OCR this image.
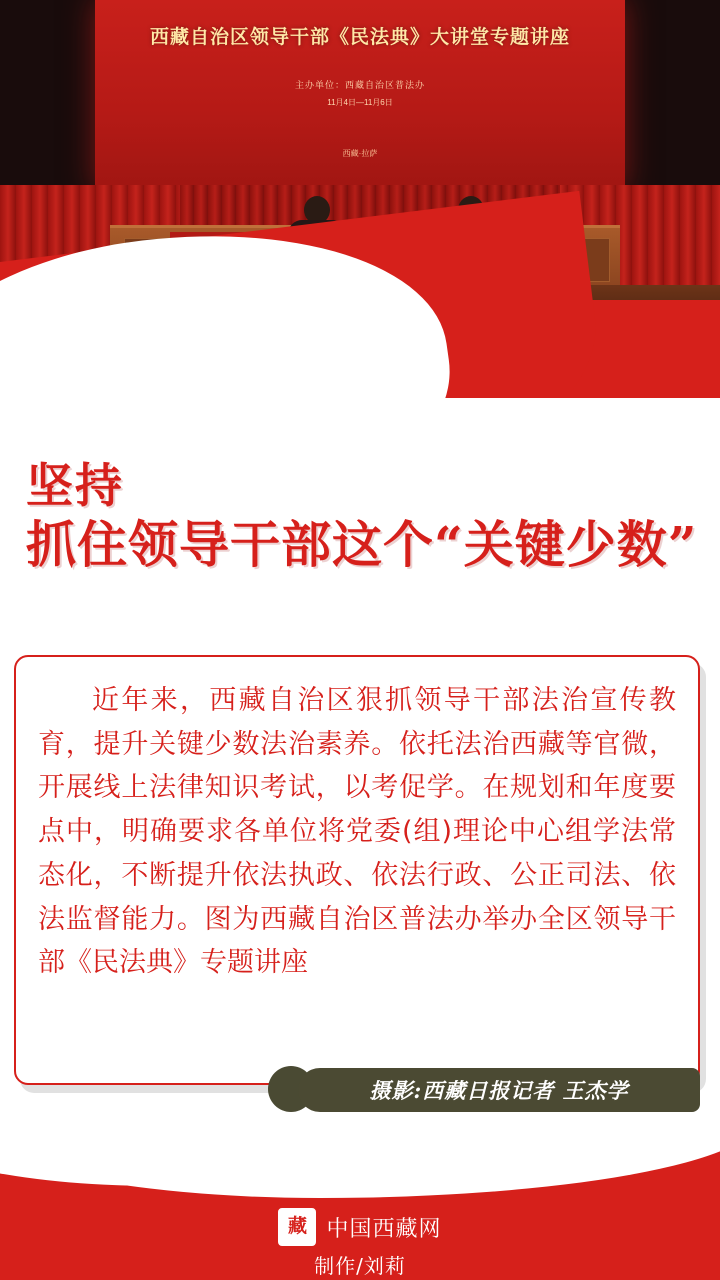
西藏自治区领导干部《民法典》大讲堂专题讲座
主办单位：西藏自治区普法办
11月4日—11月6日
西藏·拉萨
坚持
抓住领导干部这个“关键少数”

近年来，西藏自治区狠抓领导干部法治宣传教育，提升关键少数法治素养。依托法治西藏等官微，开展线上法律知识考试，以考促学。在规划和年度要点中，明确要求各单位将党委(组)理论中心组学法常态化，不断提升依法执政、依法行政、公正司法、依法监督能力。图为西藏自治区普法办举办全区领导干部《民法典》专题讲座

摄影:西藏日报记者 王杰学
藏 中国西藏网
制作/刘莉
